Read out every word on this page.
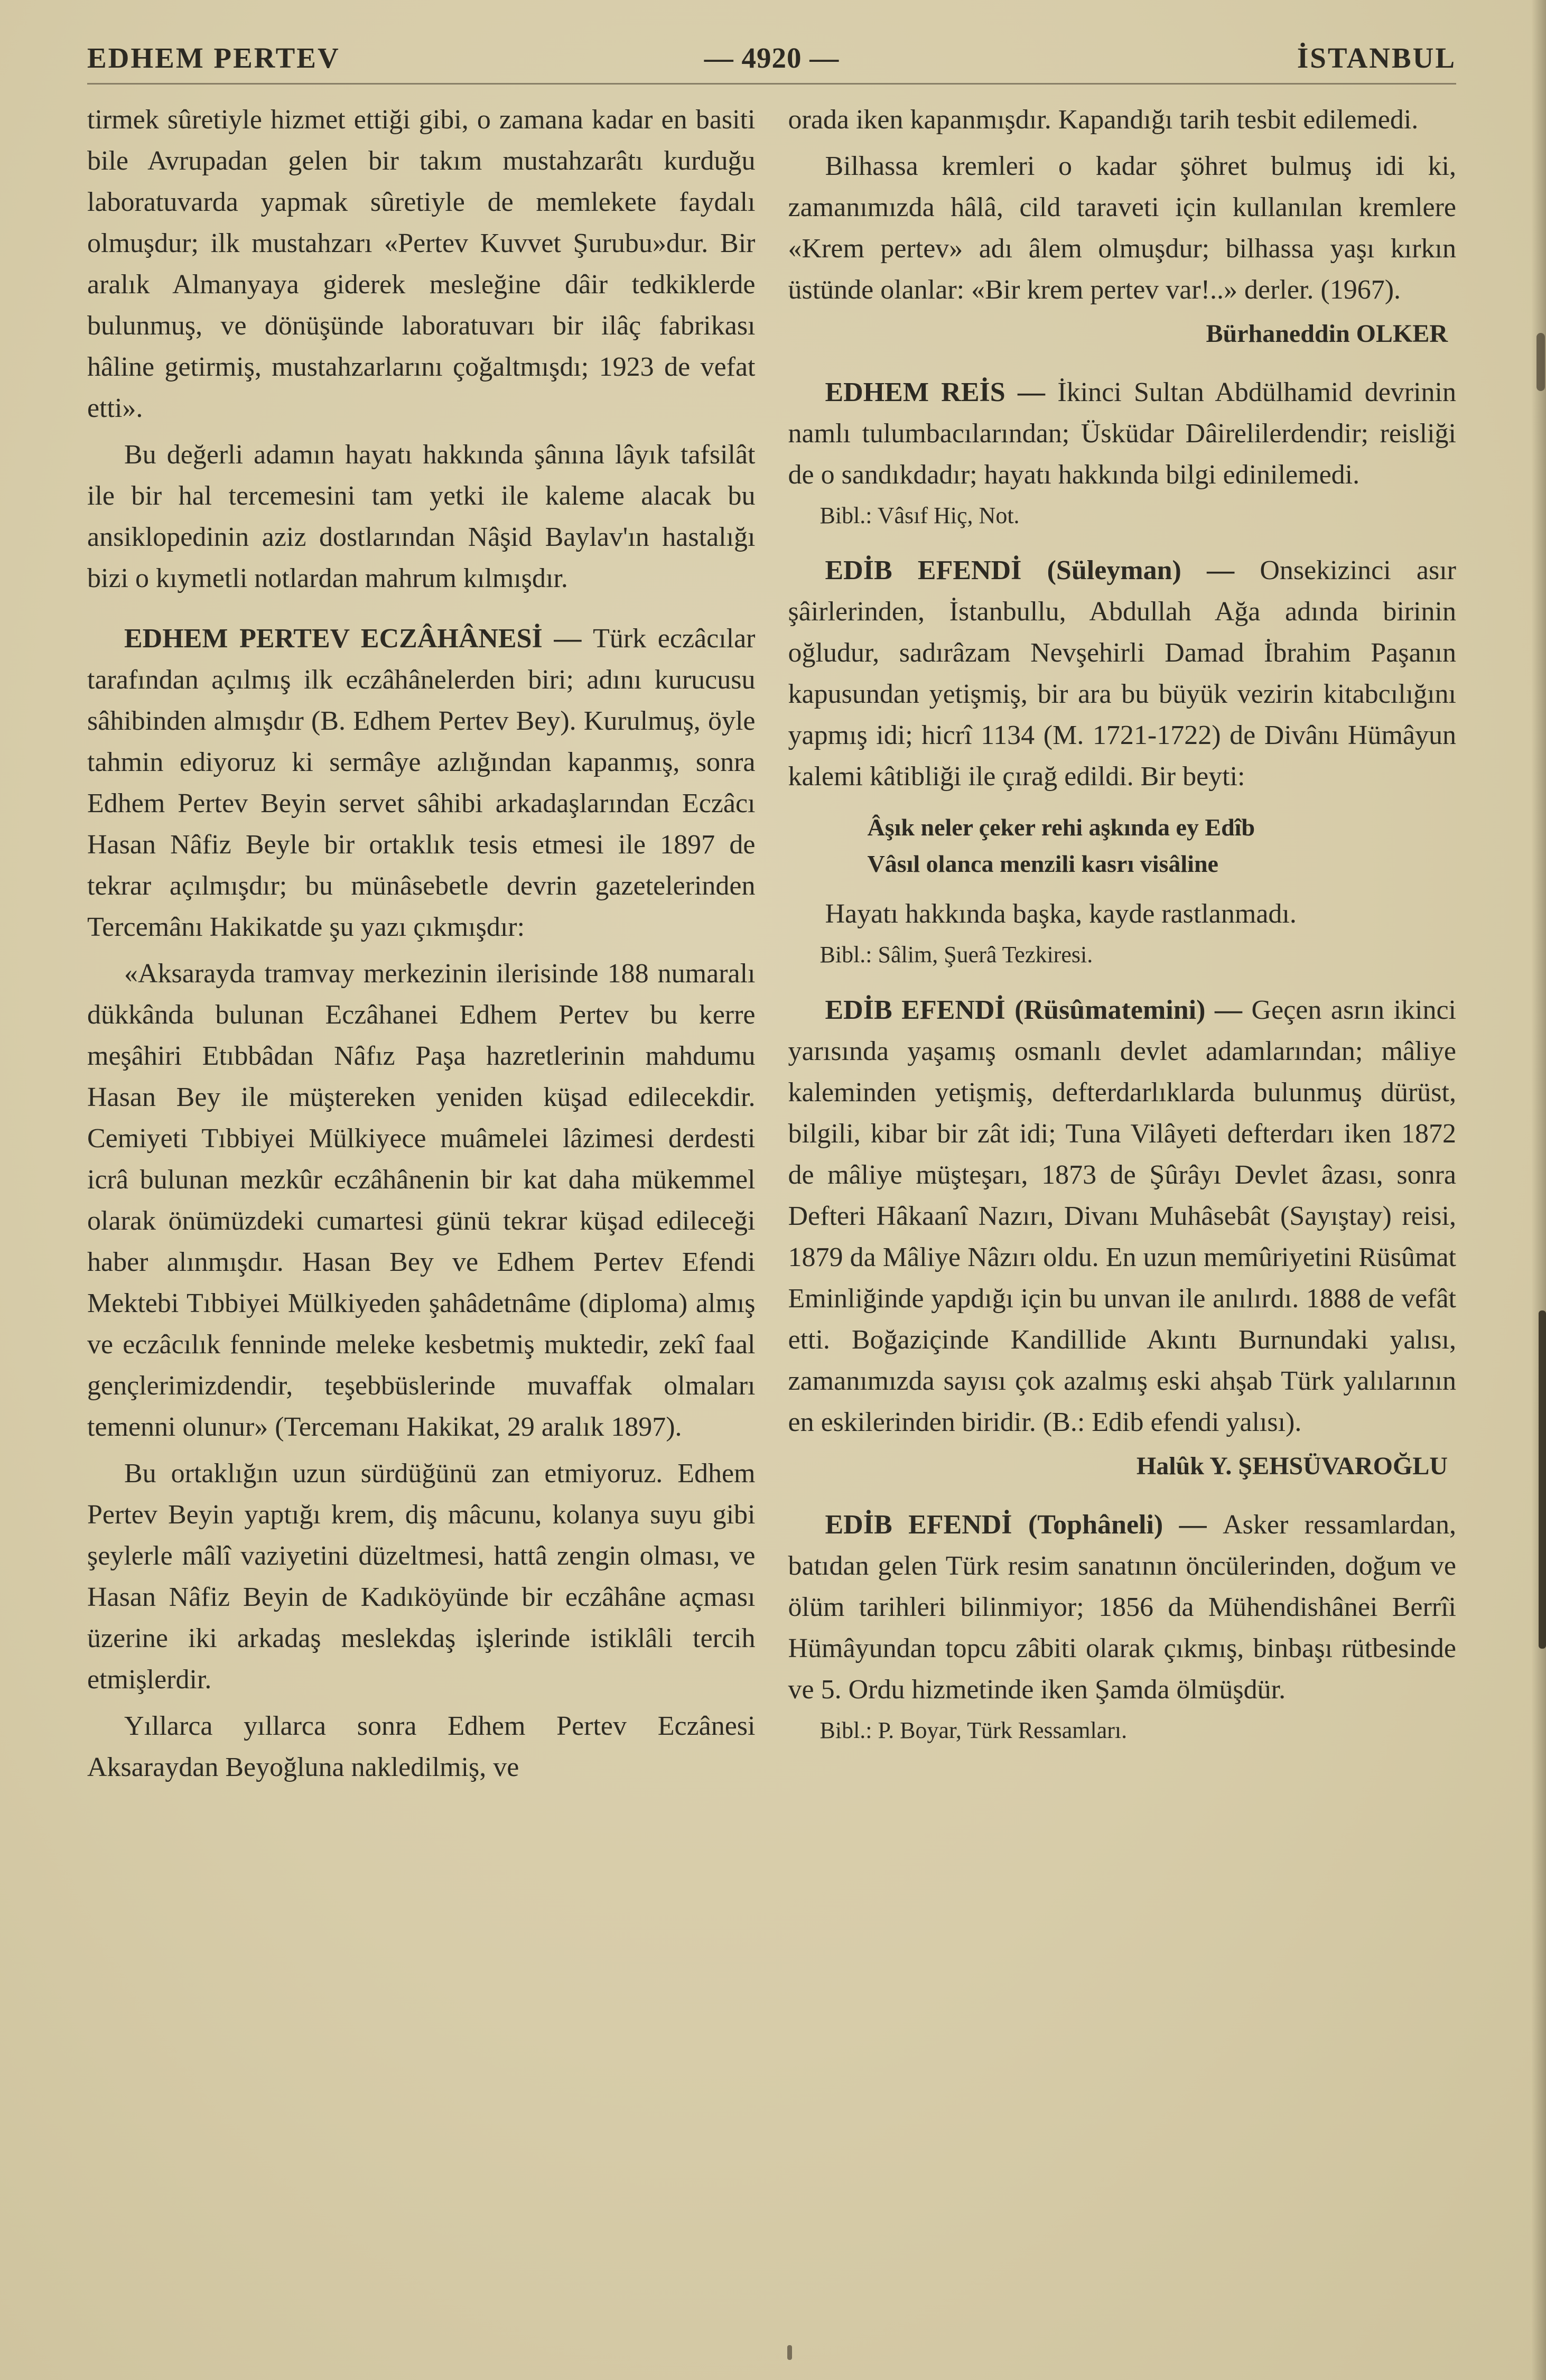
EDHEM PERTEV	— 4920 —	İSTANBUL

tirmek sûretiyle hizmet ettiği gibi, o zamana kadar en basiti bile Avrupadan gelen bir takım mustahzarâtı kurduğu laboratuvarda yapmak sûretiyle de memlekete faydalı olmuşdur; ilk mustahzarı «Pertev Kuvvet Şurubu»dur. Bir aralık Almanyaya giderek mesleğine dâir tedkiklerde bulunmuş, ve dönüşünde laboratuvarı bir ilâç fabrikası hâline getirmiş, mustahzarlarını çoğaltmışdı; 1923 de vefat etti».

Bu değerli adamın hayatı hakkında şânına lâyık tafsilât ile bir hal tercemesini tam yetki ile kaleme alacak bu ansiklopedinin aziz dostlarından Nâşid Baylav'ın hastalığı bizi o kıymetli notlardan mahrum kılmışdır.

EDHEM PERTEV ECZÂHÂNESİ — Türk eczâcılar tarafından açılmış ilk eczâhânelerden biri; adını kurucusu sâhibinden almışdır (B. Edhem Pertev Bey). Kurulmuş, öyle tahmin ediyoruz ki sermâye azlığından kapanmış, sonra Edhem Pertev Beyin servet sâhibi arkadaşlarından Eczâcı Hasan Nâfiz Beyle bir ortaklık tesis etmesi ile 1897 de tekrar açılmışdır; bu münâsebetle devrin gazetelerinden Tercemânı Hakikatde şu yazı çıkmışdır:

«Aksarayda tramvay merkezinin ilerisinde 188 numaralı dükkânda bulunan Eczâhanei Edhem Pertev bu kerre meşâhiri Etıbbâdan Nâfız Paşa hazretlerinin mahdumu Hasan Bey ile müştereken yeniden küşad edilecekdir. Cemiyeti Tıbbiyei Mülkiyece muâmelei lâzimesi derdesti icrâ bulunan mezkûr eczâhânenin bir kat daha mükemmel olarak önümüzdeki cumartesi günü tekrar küşad edileceği haber alınmışdır. Hasan Bey ve Edhem Pertev Efendi Mektebi Tıbbiyei Mülkiyeden şahâdetnâme (diploma) almış ve eczâcılık fenninde meleke kesbetmiş muktedir, zekî faal gençlerimizdendir, teşebbüslerinde muvaffak olmaları temenni olunur» (Tercemanı Hakikat, 29 aralık 1897).

Bu ortaklığın uzun sürdüğünü zan etmiyoruz. Edhem Pertev Beyin yaptığı krem, diş mâcunu, kolanya suyu gibi şeylerle mâlî vaziyetini düzeltmesi, hattâ zengin olması, ve Hasan Nâfiz Beyin de Kadıköyünde bir eczâhâne açması üzerine iki arkadaş meslekdaş işlerinde istiklâli tercih etmişlerdir.

Yıllarca yıllarca sonra Edhem Pertev Eczânesi Aksaraydan Beyoğluna nakledilmiş, ve

orada iken kapanmışdır. Kapandığı tarih tesbit edilemedi.

Bilhassa kremleri o kadar şöhret bulmuş idi ki, zamanımızda hâlâ, cild taraveti için kullanılan kremlere «Krem pertev» adı âlem olmuşdur; bilhassa yaşı kırkın üstünde olanlar: «Bir krem pertev var!..» derler. (1967).

Bürhaneddin OLKER

EDHEM REİS — İkinci Sultan Abdülhamid devrinin namlı tulumbacılarından; Üsküdar Dâirelilerdendir; reisliği de o sandıkdadır; hayatı hakkında bilgi edinilemedi.

Bibl.: Vâsıf Hiç, Not.

EDİB EFENDİ (Süleyman) — Onsekizinci asır şâirlerinden, İstanbullu, Abdullah Ağa adında birinin oğludur, sadırâzam Nevşehirli Damad İbrahim Paşanın kapusundan yetişmiş, bir ara bu büyük vezirin kitabcılığını yapmış idi; hicrî 1134 (M. 1721-1722) de Divânı Hümâyun kalemi kâtibliği ile çırağ edildi. Bir beyti:

Âşık neler çeker rehi aşkında ey Edîb
Vâsıl olanca menzili kasrı visâline

Hayatı hakkında başka, kayde rastlanmadı.

Bibl.: Sâlim, Şuerâ Tezkiresi.

EDİB EFENDİ (Rüsûmatemini) — Geçen asrın ikinci yarısında yaşamış osmanlı devlet adamlarından; mâliye kaleminden yetişmiş, defterdarlıklarda bulunmuş dürüst, bilgili, kibar bir zât idi; Tuna Vilâyeti defterdarı iken 1872 de mâliye müşteşarı, 1873 de Şûrâyı Devlet âzası, sonra Defteri Hâkaanî Nazırı, Divanı Muhâsebât (Sayıştay) reisi, 1879 da Mâliye Nâzırı oldu. En uzun memûriyetini Rüsûmat Eminliğinde yapdığı için bu unvan ile anılırdı. 1888 de vefât etti. Boğaziçinde Kandillide Akıntı Burnundaki yalısı, zamanımızda sayısı çok azalmış eski ahşab Türk yalılarının en eskilerinden biridir. (B.: Edib efendi yalısı).

Halûk Y. ŞEHSÜVAROĞLU

EDİB EFENDİ (Tophâneli) — Asker ressamlardan, batıdan gelen Türk resim sanatının öncülerinden, doğum ve ölüm tarihleri bilinmiyor; 1856 da Mühendishânei Berrîi Hümâyundan topcu zâbiti olarak çıkmış, binbaşı rütbesinde ve 5. Ordu hizmetinde iken Şamda ölmüşdür.

Bibl.: P. Boyar, Türk Ressamları.
